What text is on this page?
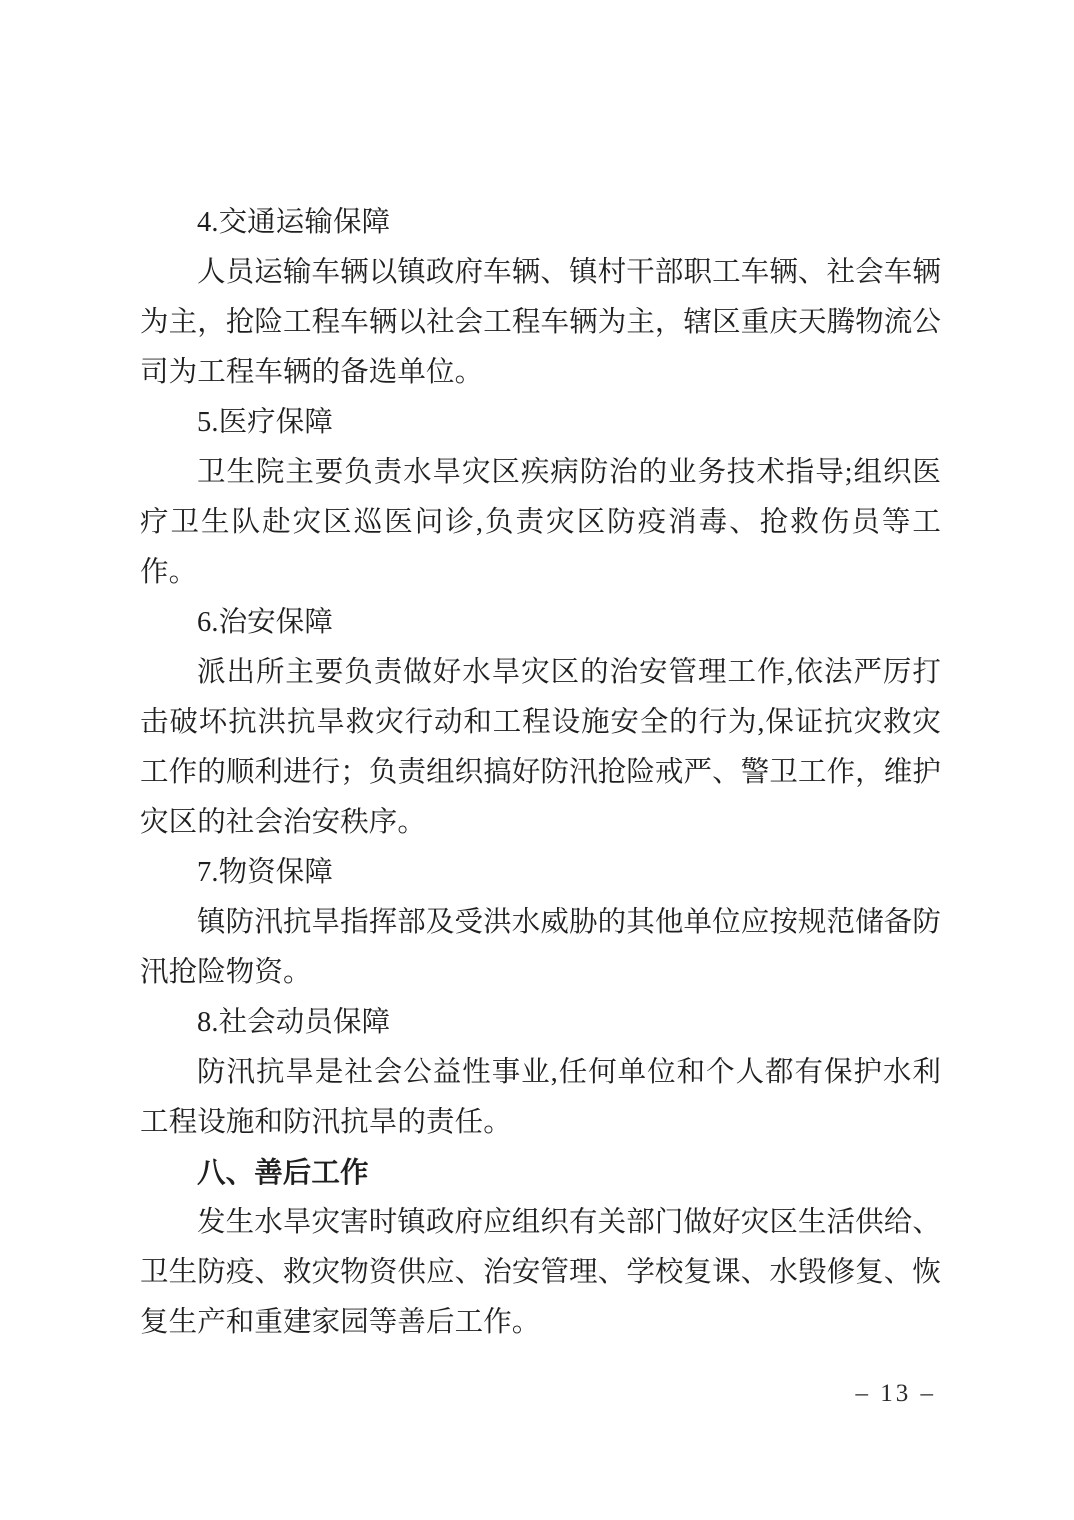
4.交通运输保障

人员运输车辆以镇政府车辆、镇村干部职工车辆、社会车辆为主，抢险工程车辆以社会工程车辆为主，辖区重庆天腾物流公司为工程车辆的备选单位。

5.医疗保障

卫生院主要负责水旱灾区疾病防治的业务技术指导;组织医疗卫生队赴灾区巡医问诊,负责灾区防疫消毒、抢救伤员等工作。

6.治安保障

派出所主要负责做好水旱灾区的治安管理工作,依法严厉打击破坏抗洪抗旱救灾行动和工程设施安全的行为,保证抗灾救灾工作的顺利进行；负责组织搞好防汛抢险戒严、警卫工作，维护灾区的社会治安秩序。

7.物资保障

镇防汛抗旱指挥部及受洪水威胁的其他单位应按规范储备防汛抢险物资。

8.社会动员保障

防汛抗旱是社会公益性事业,任何单位和个人都有保护水利工程设施和防汛抗旱的责任。

八、善后工作

发生水旱灾害时镇政府应组织有关部门做好灾区生活供给、卫生防疫、救灾物资供应、治安管理、学校复课、水毁修复、恢复生产和重建家园等善后工作。

– 13 –
